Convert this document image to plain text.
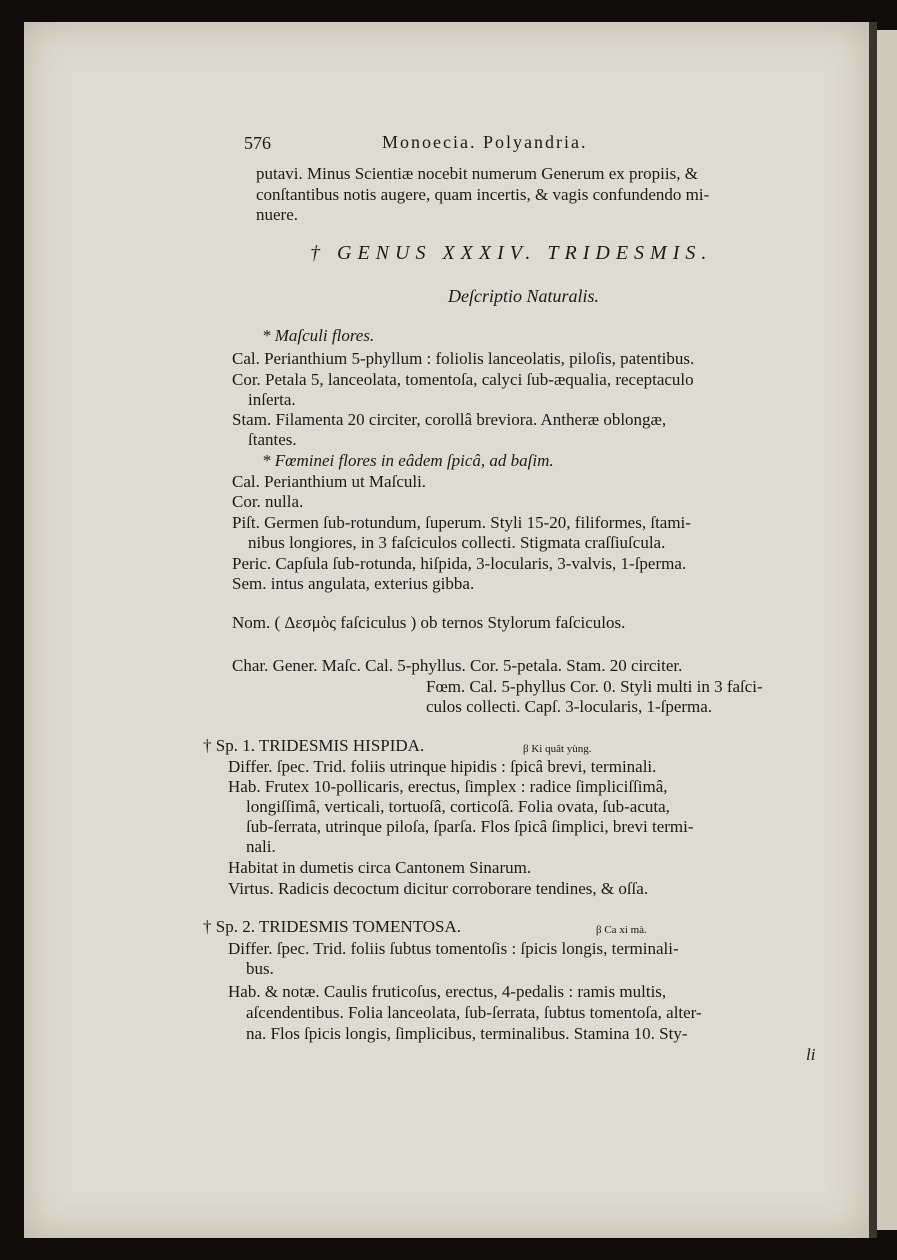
576	Monoecia. Polyandria.
putavi. Minus Scientiæ nocebit numerum Generum ex propiis, &
conſtantibus notis augere, quam incertis, & vagis confundendo mi-
nuere.
† GENUS XXXIV. TRIDESMIS.
Deſcriptio Naturalis.
* Maſculi flores.
Cal. Perianthium 5-phyllum : foliolis lanceolatis, piloſis, patentibus.
Cor. Petala 5, lanceolata, tomentoſa, calyci ſub-æqualia, receptaculo
inſerta.
Stam. Filamenta 20 circiter, corollâ breviora. Antheræ oblongæ,
ſtantes.
* Fœminei flores in eâdem ſpicâ, ad baſim.
Cal. Perianthium ut Maſculi.
Cor. nulla.
Piſt. Germen ſub-rotundum, ſuperum. Styli 15-20, filiformes, ſtami-
nibus longiores, in 3 faſciculos collecti. Stigmata craſſiuſcula.
Peric. Capſula ſub-rotunda, hiſpida, 3-locularis, 3-valvis, 1-ſperma.
Sem. intus angulata, exterius gibba.
Nom. ( Δεσμὸς faſciculus ) ob ternos Stylorum faſciculos.
Char. Gener. Maſc. Cal. 5-phyllus. Cor. 5-petala. Stam. 20 circiter.
Fœm. Cal. 5-phyllus Cor. 0. Styli multi in 3 faſci-
culos collecti. Capſ. 3-locularis, 1-ſperma.
† Sp. 1. TRIDESMIS HISPIDA.	β Ki quât yùng.
Differ. ſpec. Trid. foliis utrinque hipidis : ſpicâ brevi, terminali.
Hab. Frutex 10-pollicaris, erectus, ſimplex : radice ſimpliciſſimâ,
longiſſimâ, verticali, tortuoſâ, corticoſâ. Folia ovata, ſub-acuta,
ſub-ſerrata, utrinque piloſa, ſparſa. Flos ſpicâ ſimplici, brevi termi-
nali.
Habitat in dumetis circa Cantonem Sinarum.
Virtus. Radicis decoctum dicitur corroborare tendines, & oſſa.
† Sp. 2. TRIDESMIS TOMENTOSA.	β Ca xi mà.
Differ. ſpec. Trid. foliis ſubtus tomentoſis : ſpicis longis, terminali-
bus.
Hab. & notæ. Caulis fruticoſus, erectus, 4-pedalis : ramis multis,
aſcendentibus. Folia lanceolata, ſub-ſerrata, ſubtus tomentoſa, alter-
na. Flos ſpicis longis, ſimplicibus, terminalibus. Stamina 10. Sty-
li
